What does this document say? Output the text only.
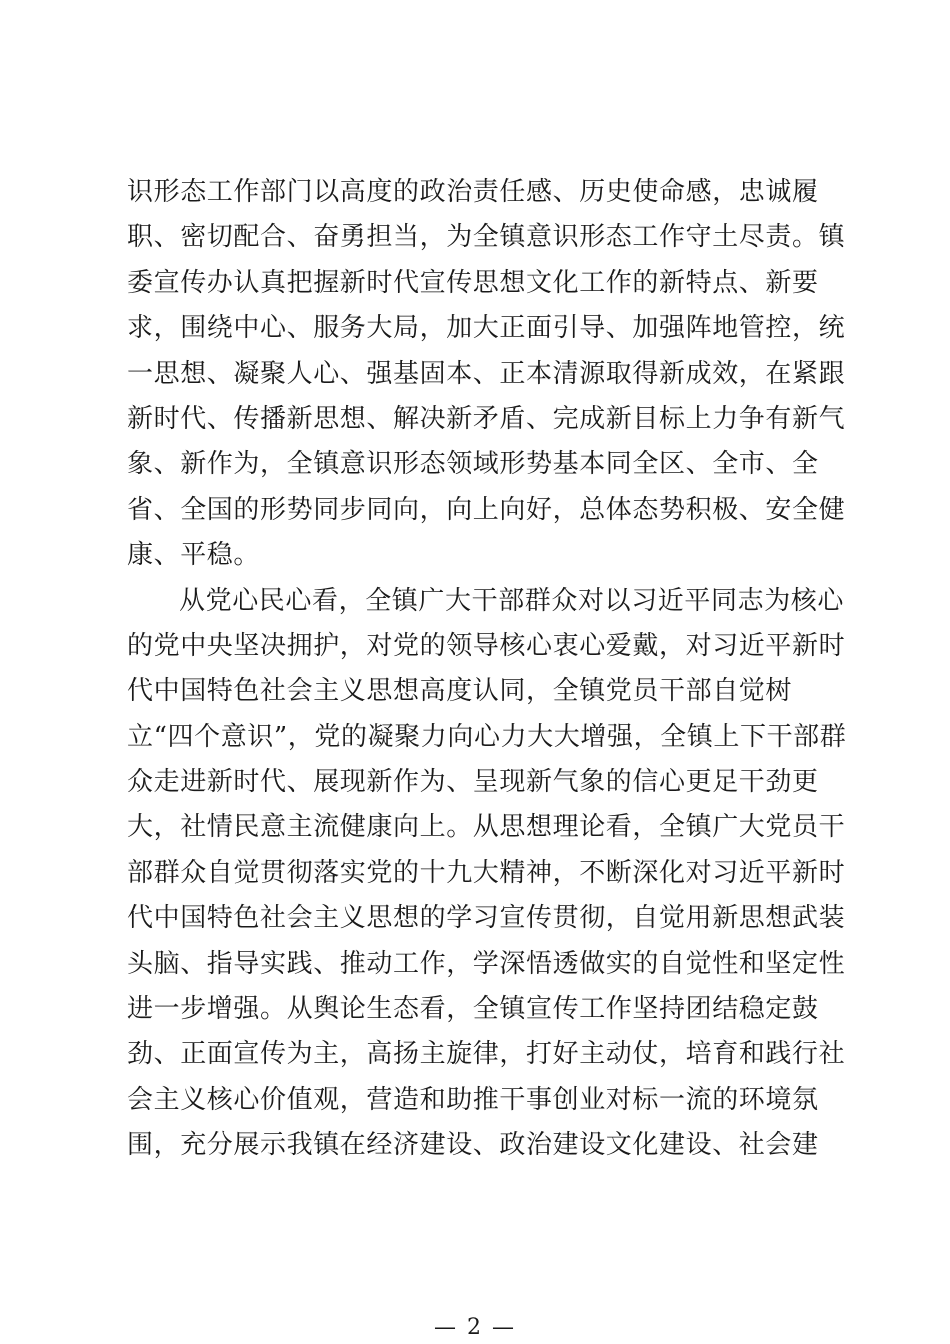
识形态工作部门以高度的政治责任感、历史使命感，忠诚履
职、密切配合、奋勇担当，为全镇意识形态工作守土尽责。镇
委宣传办认真把握新时代宣传思想文化工作的新特点、新要
求，围绕中心、服务大局，加大正面引导、加强阵地管控，统
一思想、凝聚人心、强基固本、正本清源取得新成效，在紧跟
新时代、传播新思想、解决新矛盾、完成新目标上力争有新气
象、新作为，全镇意识形态领域形势基本同全区、全市、全
省、全国的形势同步同向，向上向好，总体态势积极、安全健
康、平稳。
从党心民心看，全镇广大干部群众对以习近平同志为核心
的党中央坚决拥护，对党的领导核心衷心爱戴，对习近平新时
代中国特色社会主义思想高度认同，全镇党员干部自觉树
立“四个意识”，党的凝聚力向心力大大增强，全镇上下干部群
众走进新时代、展现新作为、呈现新气象的信心更足干劲更
大，社情民意主流健康向上。从思想理论看，全镇广大党员干
部群众自觉贯彻落实党的十九大精神，不断深化对习近平新时
代中国特色社会主义思想的学习宣传贯彻，自觉用新思想武装
头脑、指导实践、推动工作，学深悟透做实的自觉性和坚定性
进一步增强。从舆论生态看，全镇宣传工作坚持团结稳定鼓
劲、正面宣传为主，高扬主旋律，打好主动仗，培育和践行社
会主义核心价值观，营造和助推干事创业对标一流的环境氛
围，充分展示我镇在经济建设、政治建设文化建设、社会建
— 2 —
